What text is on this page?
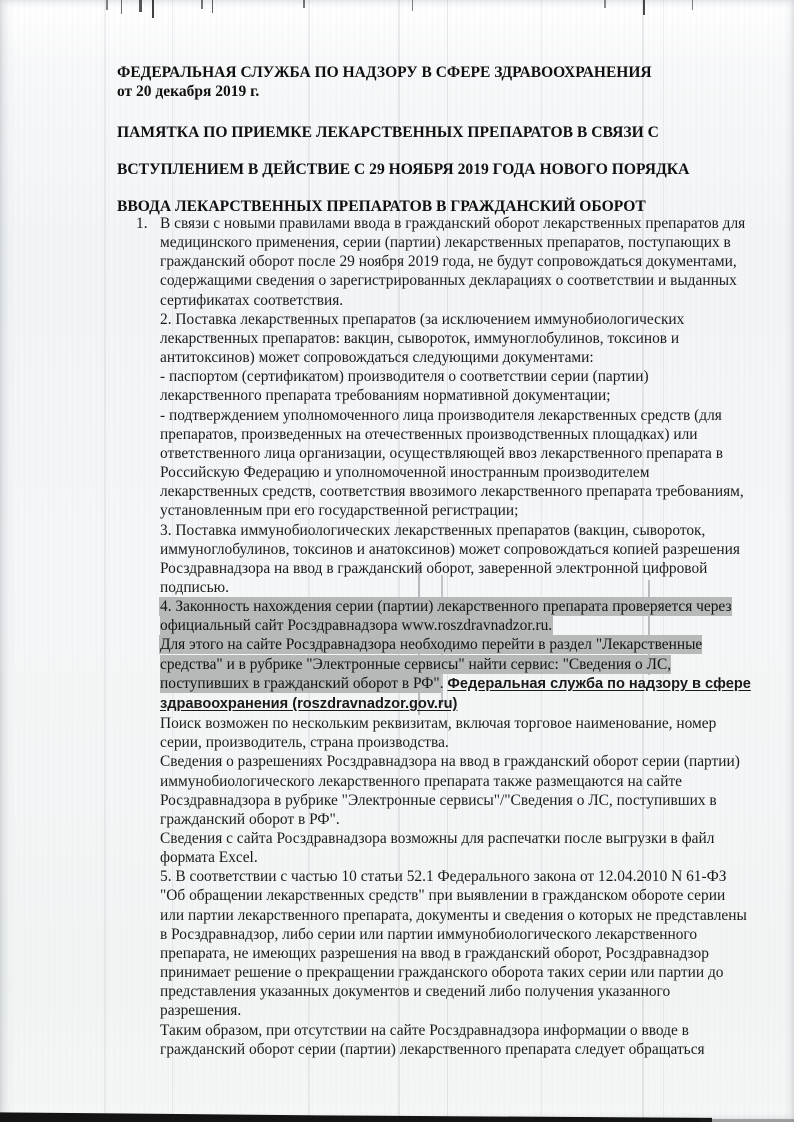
ФЕДЕРАЛЬНАЯ СЛУЖБА ПО НАДЗОРУ В СФЕРЕ ЗДРАВООХРАНЕНИЯ
от 20 декабря 2019 г.
ПАМЯТКА ПО ПРИЕМКЕ ЛЕКАРСТВЕННЫХ ПРЕПАРАТОВ В СВЯЗИ С
ВСТУПЛЕНИЕМ В ДЕЙСТВИЕ С 29 НОЯБРЯ 2019 ГОДА НОВОГО ПОРЯДКА
ВВОДА ЛЕКАРСТВЕННЫХ ПРЕПАРАТОВ В ГРАЖДАНСКИЙ ОБОРОТ

1. В связи с новыми правилами ввода в гражданский оборот лекарственных препаратов для медицинского применения, серии (партии) лекарственных препаратов, поступающих в гражданский оборот после 29 ноября 2019 года, не будут сопровождаться документами, содержащими сведения о зарегистрированных декларациях о соответствии и выданных сертификатах соответствия.

2. Поставка лекарственных препаратов (за исключением иммунобиологических лекарственных препаратов: вакцин, сывороток, иммуноглобулинов, токсинов и антитоксинов) может сопровождаться следующими документами:

- паспортом (сертификатом) производителя о соответствии серии (партии) лекарственного препарата требованиям нормативной документации;

- подтверждением уполномоченного лица производителя лекарственных средств (для препаратов, произведенных на отечественных производственных площадках) или ответственного лица организации, осуществляющей ввоз лекарственного препарата в Российскую Федерацию и уполномоченной иностранным производителем лекарственных средств, соответствия ввозимого лекарственного препарата требованиям, установленным при его государственной регистрации;

3. Поставка иммунобиологических лекарственных препаратов (вакцин, сывороток, иммуноглобулинов, токсинов и анатоксинов) может сопровождаться копией разрешения Росздравнадзора на ввод в гражданский оборот, заверенной электронной цифровой подписью.

4. Законность нахождения серии (партии) лекарственного препарата проверяется через официальный сайт Росздравнадзора www.roszdravnadzor.ru.

Для этого на сайте Росздравнадзора необходимо перейти в раздел "Лекарственные средства" и в рубрике "Электронные сервисы" найти сервис: "Сведения о ЛС, поступивших в гражданский оборот в РФ". Федеральная служба по надзору в сфере здравоохранения (roszdravnadzor.gov.ru)

Поиск возможен по нескольким реквизитам, включая торговое наименование, номер серии, производитель, страна производства.

Сведения о разрешениях Росздравнадзора на ввод в гражданский оборот серии (партии) иммунобиологического лекарственного препарата также размещаются на сайте Росздравнадзора в рубрике "Электронные сервисы"/"Сведения о ЛС, поступивших в гражданский оборот в РФ".

Сведения с сайта Росздравнадзора возможны для распечатки после выгрузки в файл формата Excel.

5. В соответствии с частью 10 статьи 52.1 Федерального закона от 12.04.2010 N 61-ФЗ "Об обращении лекарственных средств" при выявлении в гражданском обороте серии или партии лекарственного препарата, документы и сведения о которых не представлены в Росздравнадзор, либо серии или партии иммунобиологического лекарственного препарата, не имеющих разрешения на ввод в гражданский оборот, Росздравнадзор принимает решение о прекращении гражданского оборота таких серии или партии до представления указанных документов и сведений либо получения указанного разрешения.

Таким образом, при отсутствии на сайте Росздравнадзора информации о вводе в гражданский оборот серии (партии) лекарственного препарата следует обращаться
